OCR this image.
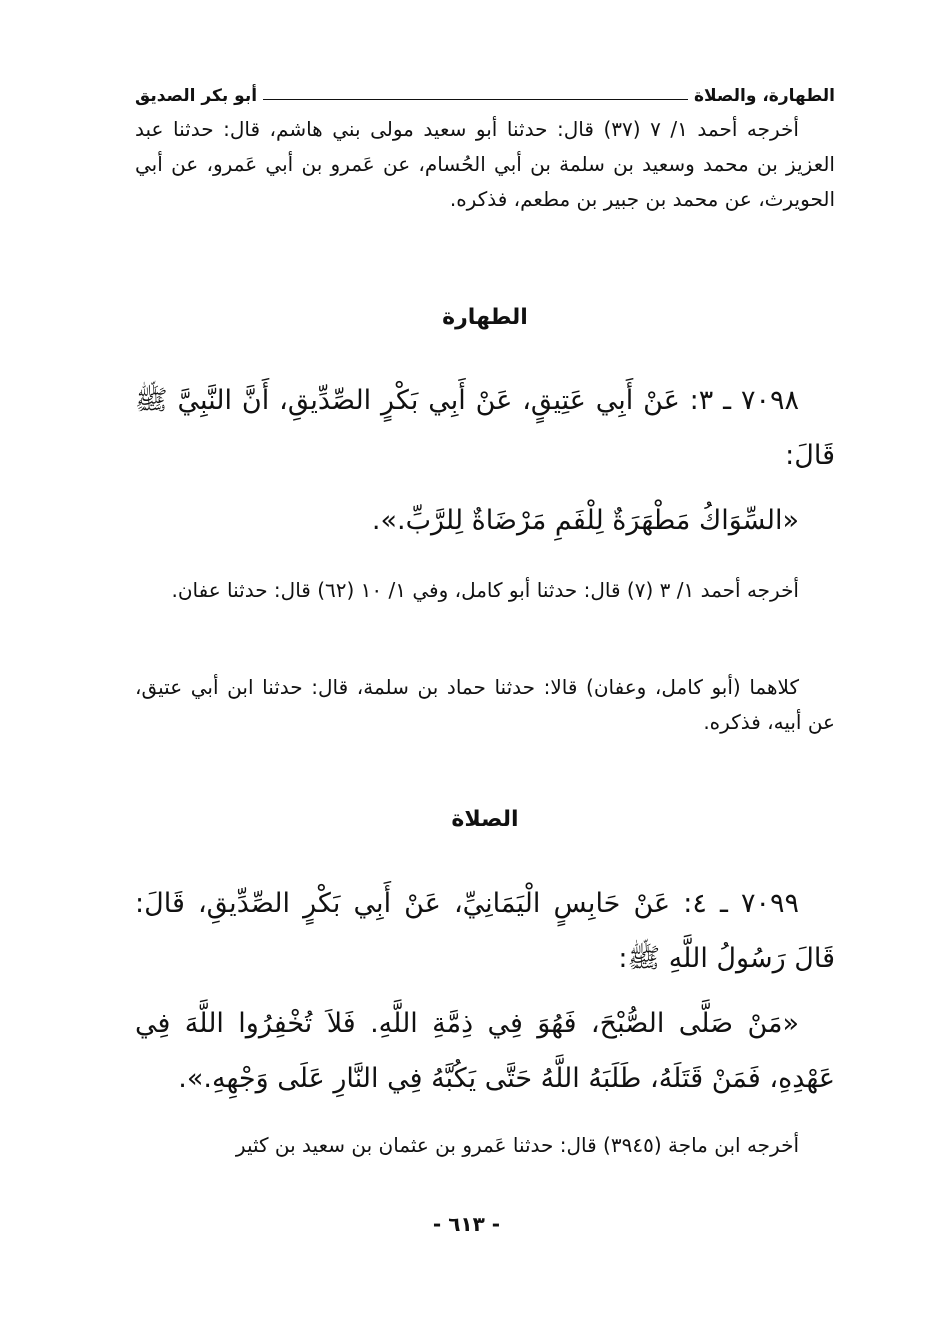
الطهارة، والصلاة
أبو بكر الصديق

أخرجه أحمد ١/ ٧ (٣٧) قال: حدثنا أبو سعيد مولى بني هاشم، قال: حدثنا عبد العزيز بن محمد وسعيد بن سلمة بن أبي الحُسام، عن عَمرو بن أبي عَمرو، عن أبي الحويرث، عن محمد بن جبير بن مطعم، فذكره.

الطهارة

٧٠٩٨ ـ ٣: عَنْ أَبِي عَتِيقٍ، عَنْ أَبِي بَكْرٍ الصِّدِّيقِ، أَنَّ النَّبِيَّ ﷺ قَالَ:

«السِّوَاكُ مَطْهَرَةٌ لِلْفَمِ مَرْضَاةٌ لِلرَّبِّ.».

أخرجه أحمد ١/ ٣ (٧) قال: حدثنا أبو كامل، وفي ١/ ١٠ (٦٢) قال: حدثنا عفان.

كلاهما (أبو كامل، وعفان) قالا: حدثنا حماد بن سلمة، قال: حدثنا ابن أبي عتيق، عن أبيه، فذكره.

الصلاة

٧٠٩٩ ـ ٤: عَنْ حَابِسٍ الْيَمَانِيِّ، عَنْ أَبِي بَكْرٍ الصِّدِّيقِ، قَالَ: قَالَ رَسُولُ اللَّهِ ﷺ:

«مَنْ صَلَّى الصُّبْحَ، فَهُوَ فِي ذِمَّةِ اللَّهِ. فَلاَ تُخْفِرُوا اللَّهَ فِي عَهْدِهِ، فَمَنْ قَتَلَهُ، طَلَبَهُ اللَّهُ حَتَّى يَكُبَّهُ فِي النَّارِ عَلَى وَجْهِهِ.».

أخرجه ابن ماجة (٣٩٤٥) قال: حدثنا عَمرو بن عثمان بن سعيد بن كثير

- ٦١٣ -
